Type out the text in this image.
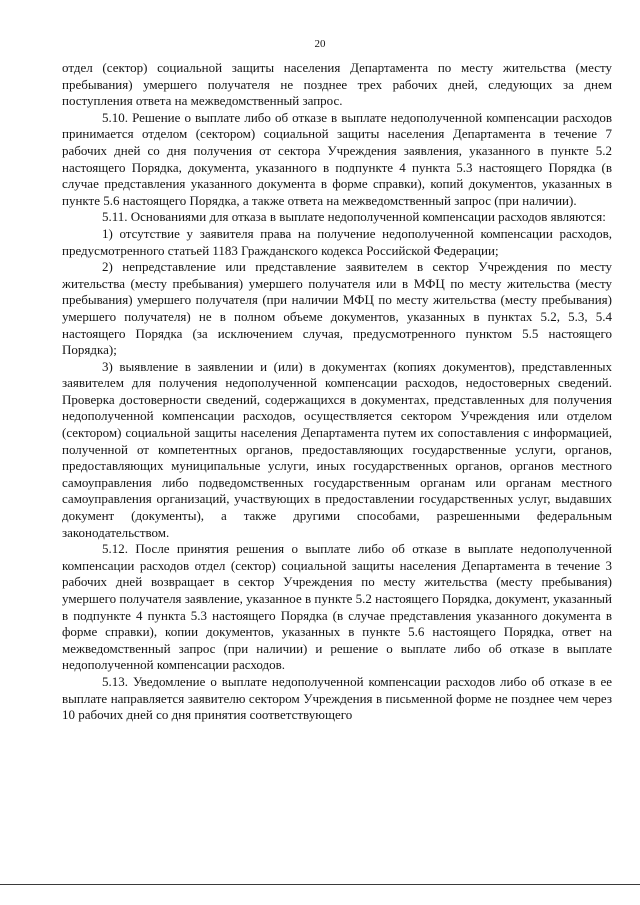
20

отдел (сектор) социальной защиты населения Департамента по месту жительства (месту пребывания) умершего получателя не позднее трех рабочих дней, следующих за днем поступления ответа на межведомственный запрос.

5.10. Решение о выплате либо об отказе в выплате недополученной компенсации расходов принимается отделом (сектором) социальной защиты населения Департамента в течение 7 рабочих дней со дня получения от сектора Учреждения заявления, указанного в пункте 5.2 настоящего Порядка, документа, указанного в подпункте 4 пункта 5.3 настоящего Порядка (в случае представления указанного документа в форме справки), копий документов, указанных в пункте 5.6 настоящего Порядка, а также ответа на межведомственный запрос (при наличии).

5.11. Основаниями для отказа в выплате недополученной компенсации расходов являются:

1) отсутствие у заявителя права на получение недополученной компенсации расходов, предусмотренного статьей 1183 Гражданского кодекса Российской Федерации;

2) непредставление или представление заявителем в сектор Учреждения по месту жительства (месту пребывания) умершего получателя или в МФЦ по месту жительства (месту пребывания) умершего получателя (при наличии МФЦ по месту жительства (месту пребывания) умершего получателя) не в полном объеме документов, указанных в пунктах 5.2, 5.3, 5.4 настоящего Порядка (за исключением случая, предусмотренного пунктом 5.5 настоящего Порядка);

3) выявление в заявлении и (или) в документах (копиях документов), представленных заявителем для получения недополученной компенсации расходов, недостоверных сведений. Проверка достоверности сведений, содержащихся в документах, представленных для получения недополученной компенсации расходов, осуществляется сектором Учреждения или отделом (сектором) социальной защиты населения Департамента путем их сопоставления с информацией, полученной от компетентных органов, предоставляющих государственные услуги, органов, предоставляющих муниципальные услуги, иных государственных органов, органов местного самоуправления либо подведомственных государственным органам или органам местного самоуправления организаций, участвующих в предоставлении государственных услуг, выдавших документ (документы), а также другими способами, разрешенными федеральным законодательством.

5.12. После принятия решения о выплате либо об отказе в выплате недополученной компенсации расходов отдел (сектор) социальной защиты населения Департамента в течение 3 рабочих дней возвращает в сектор Учреждения по месту жительства (месту пребывания) умершего получателя заявление, указанное в пункте 5.2 настоящего Порядка, документ, указанный в подпункте 4 пункта 5.3 настоящего Порядка (в случае представления указанного документа в форме справки), копии документов, указанных в пункте 5.6 настоящего Порядка, ответ на межведомственный запрос (при наличии) и решение о выплате либо об отказе в выплате недополученной компенсации расходов.

5.13. Уведомление о выплате недополученной компенсации расходов либо об отказе в ее выплате направляется заявителю сектором Учреждения в письменной форме не позднее чем через 10 рабочих дней со дня принятия соответствующего
